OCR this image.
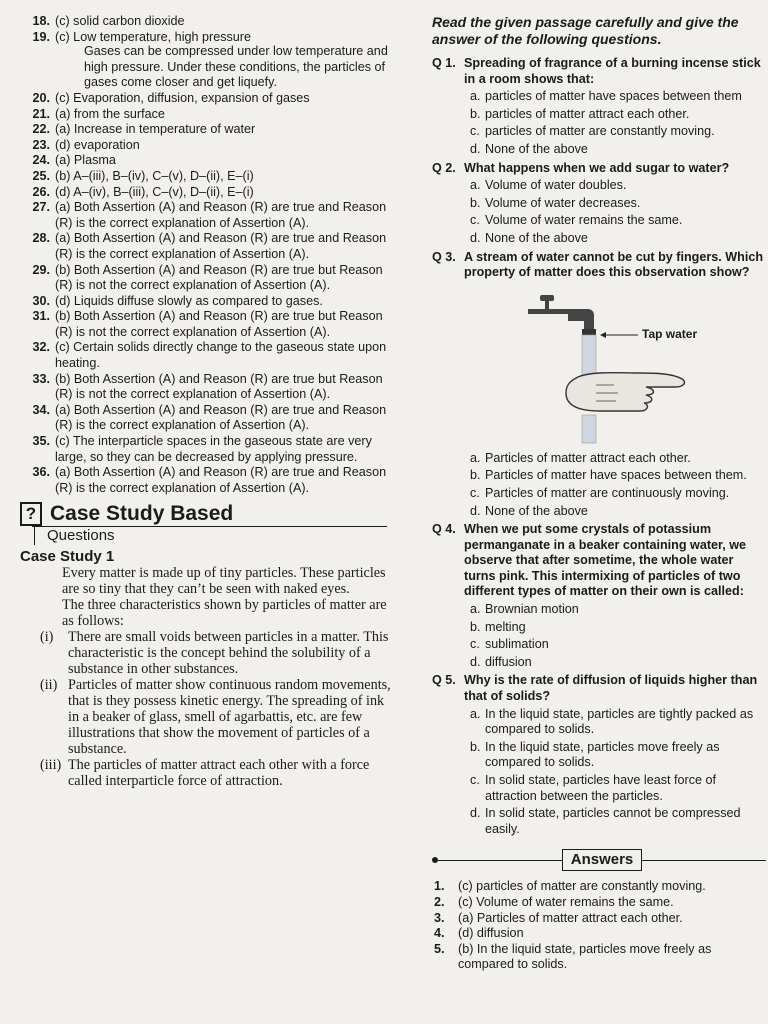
18. (c) solid carbon dioxide
19. (c) Low temperature, high pressure
Gases can be compressed under low temperature and high pressure. Under these conditions, the particles of gases come closer and get liquefy.
20. (c) Evaporation, diffusion, expansion of gases
21. (a) from the surface
22. (a) Increase in temperature of water
23. (d) evaporation
24. (a) Plasma
25. (b) A–(iii), B–(iv), C–(v), D–(ii), E–(i)
26. (d) A–(iv), B–(iii), C–(v), D–(ii), E–(i)
27. (a) Both Assertion (A) and Reason (R) are true and Reason (R) is the correct explanation of Assertion (A).
28. (a) Both Assertion (A) and Reason (R) are true and Reason (R) is the correct explanation of Assertion (A).
29. (b) Both Assertion (A) and Reason (R) are true but Reason (R) is not the correct explanation of Assertion (A).
30. (d) Liquids diffuse slowly as compared to gases.
31. (b) Both Assertion (A) and Reason (R) are true but Reason (R) is not the correct explanation of Assertion (A).
32. (c) Certain solids directly change to the gaseous state upon heating.
33. (b) Both Assertion (A) and Reason (R) are true but Reason (R) is not the correct explanation of Assertion (A).
34. (a) Both Assertion (A) and Reason (R) are true and Reason (R) is the correct explanation of Assertion (A).
35. (c) The interparticle spaces in the gaseous state are very large, so they can be decreased by applying pressure.
36. (a) Both Assertion (A) and Reason (R) are true and Reason (R) is the correct explanation of Assertion (A).
? Case Study Based
Questions
Case Study 1
Every matter is made up of tiny particles. These particles are so tiny that they can’t be seen with naked eyes.
The three characteristics shown by particles of matter are as follows:
(i)	There are small voids between particles in a matter. This characteristic is the concept behind the solubility of a substance in other substances.
(ii) Particles of matter show continuous random movements, that is they possess kinetic energy. The spreading of ink in a beaker of glass, smell of agarbattis, etc. are few illustrations that show the movement of particles of a substance.
(iii) The particles of matter attract each other with a force called interparticle force of attraction.
Read the given passage carefully and give the answer of the following questions.
Q 1. Spreading of fragrance of a burning incense stick in a room shows that:
a. particles of matter have spaces between them
b. particles of matter attract each other.
c. particles of matter are constantly moving.
d. None of the above
Q 2. What happens when we add sugar to water?
a. Volume of water doubles.
b. Volume of water decreases.
c. Volume of water remains the same.
d. None of the above
Q 3. A stream of water cannot be cut by fingers. Which property of matter does this observation show?
Tap water
a. Particles of matter attract each other.
b. Particles of matter have spaces between them.
c. Particles of matter are continuously moving.
d. None of the above
Q 4. When we put some crystals of potassium permanganate in a beaker containing water, we observe that after sometime, the whole water turns pink. This intermixing of particles of two different types of matter on their own is called:
a. Brownian motion
b. melting
c. sublimation
d. diffusion
Q 5. Why is the rate of diffusion of liquids higher than that of solids?
a. In the liquid state, particles are tightly packed as compared to solids.
b. In the liquid state, particles move freely as compared to solids.
c. In solid state, particles have least force of attraction between the particles.
d. In solid state, particles cannot be compressed easily.
Answers
1.	(c) particles of matter are constantly moving.
2.	(c) Volume of water remains the same.
3.	(a) Particles of matter attract each other.
4.	(d) diffusion
5.	(b) In the liquid state, particles move freely as compared to solids.
